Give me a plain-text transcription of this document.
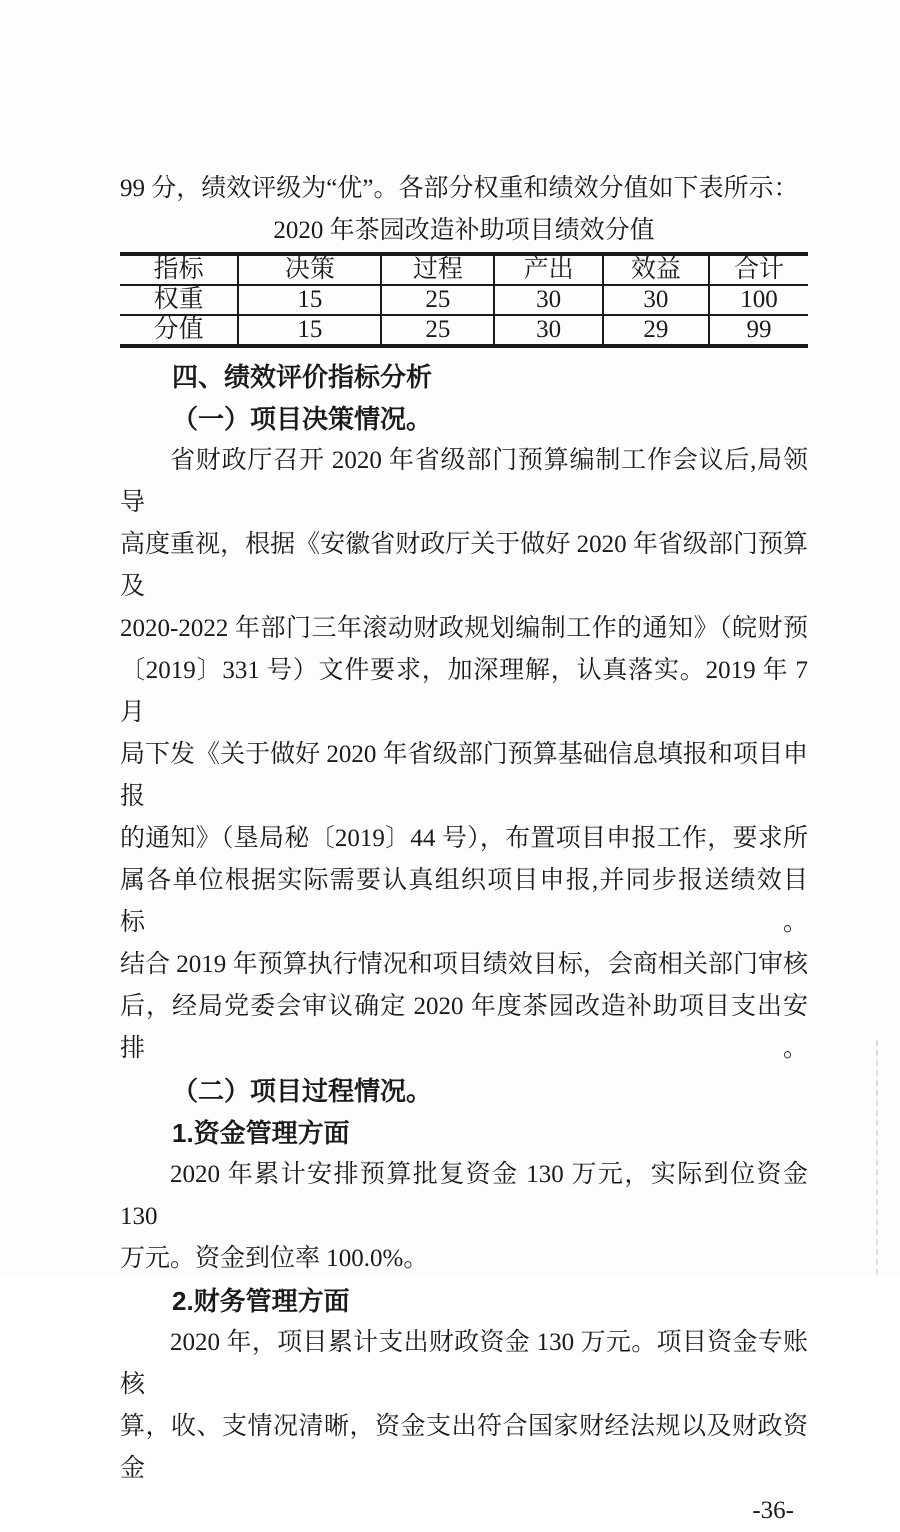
99 分，绩效评级为“优”。各部分权重和绩效分值如下表所示：
2020 年茶园改造补助项目绩效分值
指标	决策	过程	产出	效益	合计
权重	15	25	30	30	100
分值	15	25	30	29	99
四、绩效评价指标分析
（一）项目决策情况。
省财政厅召开 2020 年省级部门预算编制工作会议后,局领导
高度重视，根据《安徽省财政厅关于做好 2020 年省级部门预算及
2020-2022 年部门三年滚动财政规划编制工作的通知》（皖财预
〔2019〕331 号）文件要求，加深理解，认真落实。2019 年 7 月
局下发《关于做好 2020 年省级部门预算基础信息填报和项目申报
的通知》（垦局秘〔2019〕44 号），布置项目申报工作，要求所
属各单位根据实际需要认真组织项目申报,并同步报送绩效目标。
结合 2019 年预算执行情况和项目绩效目标，会商相关部门审核
后，经局党委会审议确定 2020 年度茶园改造补助项目支出安排。
（二）项目过程情况。
1.资金管理方面
2020 年累计安排预算批复资金 130 万元，实际到位资金 130
万元。资金到位率 100.0%。
2.财务管理方面
2020 年，项目累计支出财政资金 130 万元。项目资金专账核
算，收、支情况清晰，资金支出符合国家财经法规以及财政资金
-36-
